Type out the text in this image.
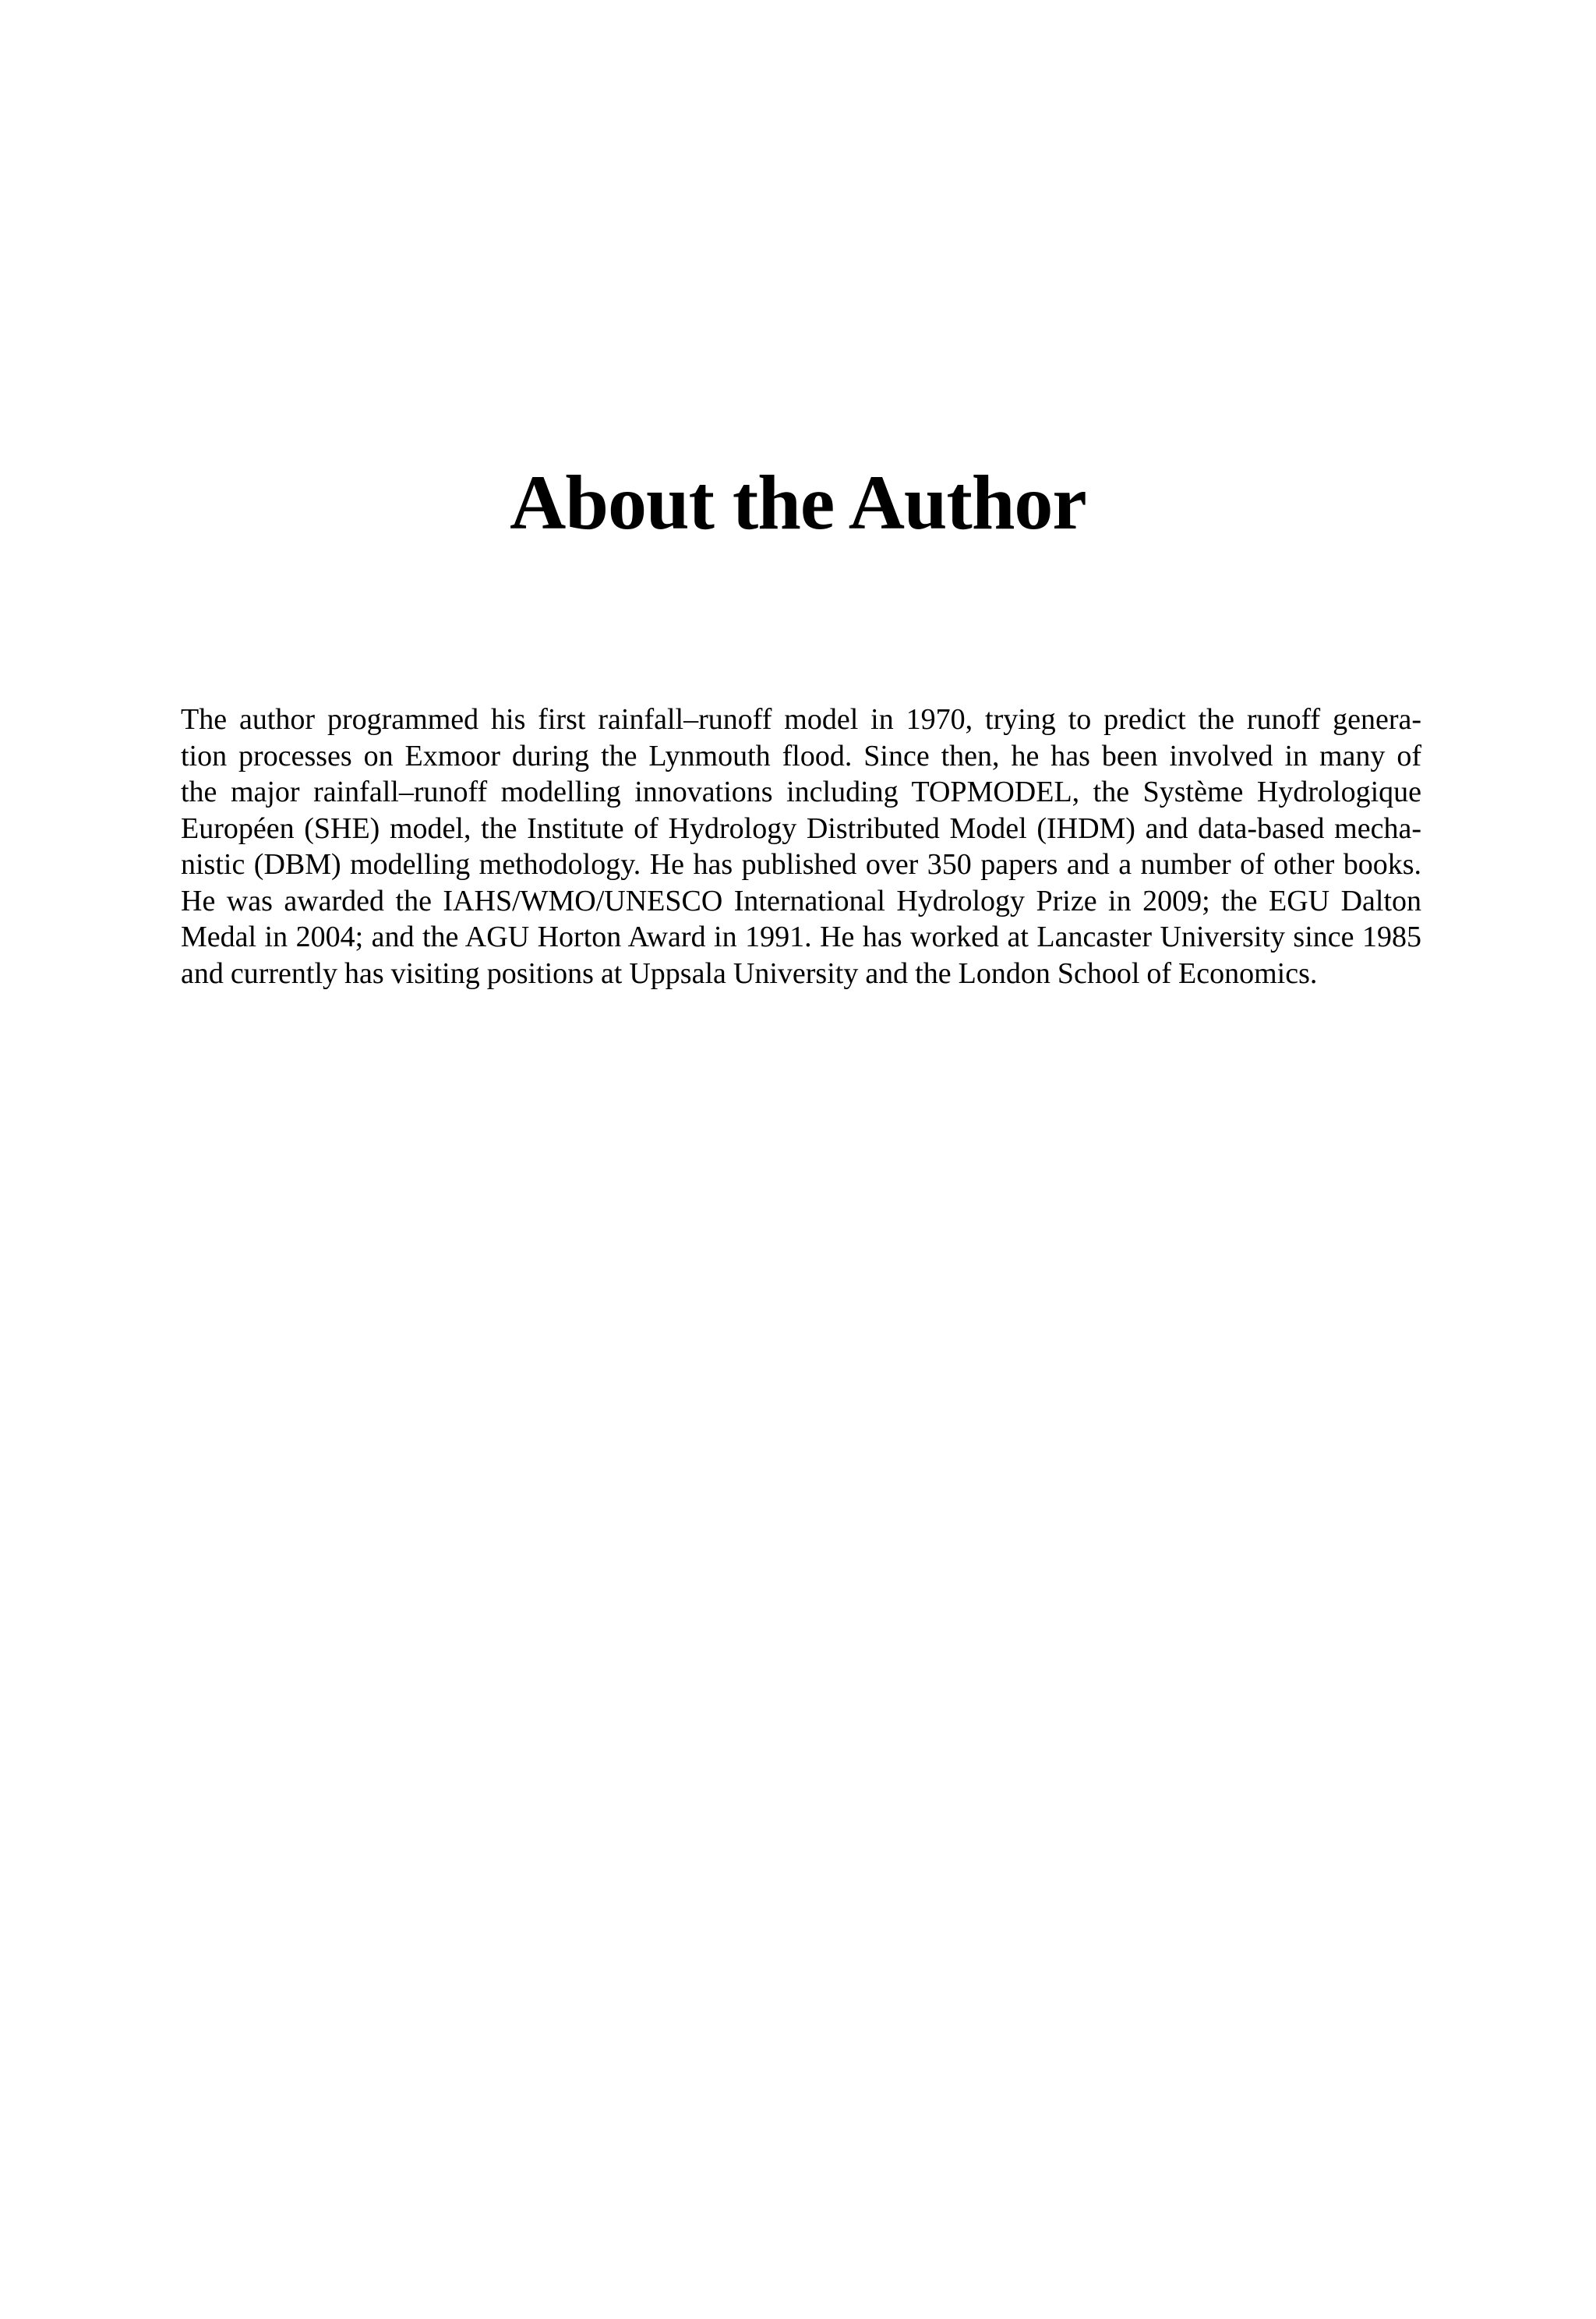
About the Author

The author programmed his first rainfall–runoff model in 1970, trying to predict the runoff genera-
tion processes on Exmoor during the Lynmouth flood. Since then, he has been involved in many of
the major rainfall–runoff modelling innovations including TOPMODEL, the Système Hydrologique
Européen (SHE) model, the Institute of Hydrology Distributed Model (IHDM) and data-based mecha-
nistic (DBM) modelling methodology. He has published over 350 papers and a number of other books.
He was awarded the IAHS/WMO/UNESCO International Hydrology Prize in 2009; the EGU Dalton
Medal in 2004; and the AGU Horton Award in 1991. He has worked at Lancaster University since 1985
and currently has visiting positions at Uppsala University and the London School of Economics.
